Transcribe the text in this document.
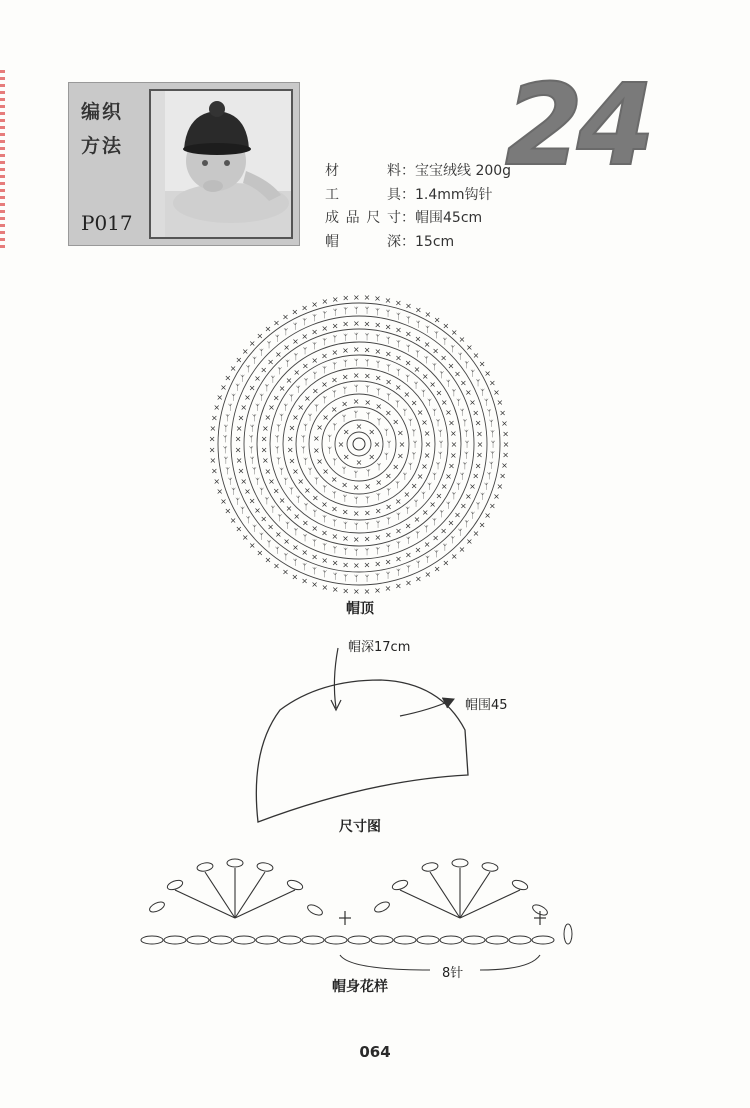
编织
方法
P017
24
材	料 ： 宝宝绒线 200g
工	具 ： 1.4mm钩针
成 品 尺 寸 ： 帽围45cm
帽	深 ： 15cm
×
×
×
×
×
×
×
×
ᛉ
ᛉ
ᛉ
ᛉ
ᛉ
ᛉ
ᛉ
ᛉ
ᛉ
ᛉ
ᛉ ᛉ ᛉ
ᛉ
ᛉ
×
×
×
×
×
×
×
×
×
×
×
×
×
×
×
×
× × × ×
×
×
×
ᛉ
ᛉ
ᛉ
ᛉ
ᛉ
ᛉ
ᛉ
ᛉ
ᛉ
ᛉ
ᛉ
ᛉ
ᛉ
ᛉ
ᛉ
ᛉ
ᛉ
ᛉ
ᛉ
ᛉ
ᛉ
ᛉ ᛉ ᛉ ᛉ ᛉ
ᛉ
ᛉ
ᛉ
ᛉ
ᛉ
×
×
×
×
×
×
×
×
×
×
×
×
×
×
×
×
×
×
×
×
×
×
×
×
×
×
×
× × × × × ×
×
×
×
×
×
×
ᛉ
ᛉ
ᛉ
ᛉ
ᛉ
ᛉ
ᛉ
ᛉ
ᛉ
ᛉ
ᛉ
ᛉ
ᛉ
ᛉ
ᛉ
ᛉ
ᛉ
ᛉ
ᛉ
ᛉ
ᛉ
ᛉ
ᛉ
ᛉ
ᛉ
ᛉ
ᛉ
ᛉ
ᛉ
ᛉ
ᛉ
ᛉ
ᛉ ᛉ ᛉ ᛉ ᛉ ᛉ ᛉ
ᛉ
ᛉ
ᛉ
ᛉ
ᛉ
ᛉ
ᛉ
ᛉ
×
×
×
×
×
×
×
×
×
×
×
×
×
×
×
×
×
×
×
×
×
×
×
×
×
×
×
×
×
×
×
×
×
×
×
×
×
×
× × × × × × × ×
×
×
×
×
×
×
×
×
×
ᛉ
ᛉ
ᛉ
ᛉ
ᛉ
ᛉ
ᛉ
ᛉ
ᛉ
ᛉ
ᛉ
ᛉ
ᛉ
ᛉ
ᛉ
ᛉ
ᛉ
ᛉ
ᛉ
ᛉ
ᛉ
ᛉ
ᛉ
ᛉ
ᛉ
ᛉ
ᛉ
ᛉ
ᛉ
ᛉ
ᛉ
ᛉ
ᛉ
ᛉ
ᛉ
ᛉ
ᛉ
ᛉ
ᛉ
ᛉ
ᛉ
ᛉ
ᛉ
ᛉ ᛉ ᛉ ᛉ ᛉ ᛉ ᛉ ᛉ ᛉ ᛉ
ᛉ
ᛉ
ᛉ
ᛉ
ᛉ
ᛉ
ᛉ
ᛉ
ᛉ
ᛉ
×
×
×
×
×
×
×
×
×
×
×
×
×
×
×
×
×
×
×
×
×
×
×
×
×
×
×
×
×
×
×
×
×
×
×
×
×
×
×
×
×
×
×
×
×
×
×
×
× × × × × × × × × × ×
×
×
×
×
×
×
×
×
×
×
×
×
ᛉ
ᛉ
ᛉ
ᛉ
ᛉ
ᛉ
ᛉ
ᛉ
ᛉ
ᛉ
ᛉ
ᛉ
ᛉ
ᛉ
ᛉ
ᛉ
ᛉ
ᛉ
ᛉ
ᛉ
ᛉ
ᛉ
ᛉ
ᛉ
ᛉ
ᛉ
ᛉ
ᛉ
ᛉ
ᛉ
ᛉ
ᛉ
ᛉ
ᛉ
ᛉ
ᛉ
ᛉ
ᛉ
ᛉ
ᛉ
ᛉ
ᛉ
ᛉ
ᛉ
ᛉ
ᛉ
ᛉ
ᛉ
ᛉ
ᛉ
ᛉ
ᛉ
ᛉ
ᛉ
ᛉ ᛉ ᛉ ᛉ ᛉ ᛉ ᛉ ᛉ ᛉ ᛉ ᛉ ᛉ
ᛉ
ᛉ
ᛉ
ᛉ
ᛉ
ᛉ
ᛉ
ᛉ
ᛉ
ᛉ
ᛉ
ᛉ
ᛉ
×
×
×
×
×
×
×
×
×
×
×
×
×
×
×
×
×
×
×
×
×
×
×
×
×
×
×
×
×
×
×
×
×
×
×
×
×
×
×
×
×
×
×
×
×
×
×
×
×
×
×
×
×
×
×
×
×
×
×
× × × × × × × × × × × × ×
×
×
×
×
×
×
×
×
×
×
×
×
×
×
×
帽顶
帽深17cm
帽围45
尺寸图
8针
帽身花样
064
